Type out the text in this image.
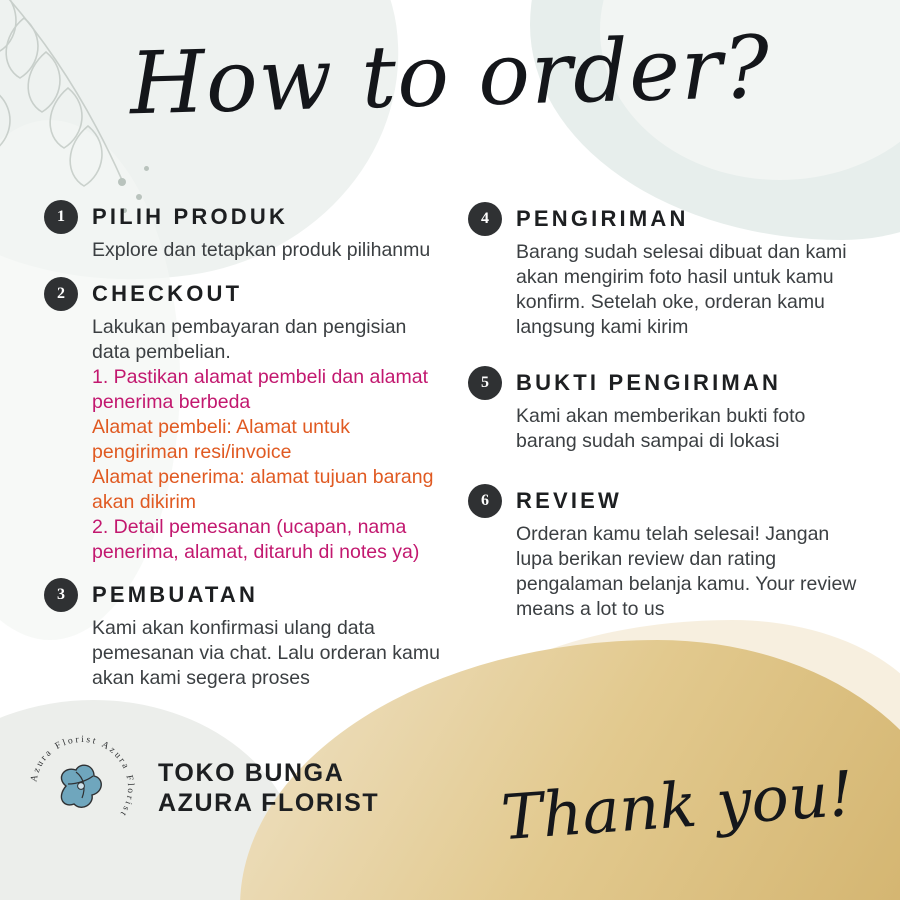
How to order?
1	PILIH PRODUK

Explore dan tetapkan produk pilihanmu

2	CHECKOUT

Lakukan pembayaran dan pengisian data pembelian.

1. Pastikan alamat pembeli dan alamat penerima berbeda

Alamat pembeli: Alamat untuk pengiriman resi/invoice

Alamat penerima: alamat tujuan barang akan dikirim

2. Detail pemesanan (ucapan, nama penerima, alamat, ditaruh di notes ya)

3	PEMBUATAN

Kami akan konfirmasi ulang data pemesanan via chat. Lalu orderan kamu akan kami segera proses

4	PENGIRIMAN

Barang sudah selesai dibuat dan kami akan mengirim foto hasil untuk kamu konfirm. Setelah oke, orderan kamu langsung kami kirim

5	BUKTI PENGIRIMAN

Kami akan memberikan bukti foto barang sudah sampai di lokasi

6	REVIEW

Orderan kamu telah selesai! Jangan lupa berikan review dan rating pengalaman belanja kamu. Your review means a lot to us

Azura Florist Azura Florist
TOKO BUNGA
AZURA FLORIST Thank you!
